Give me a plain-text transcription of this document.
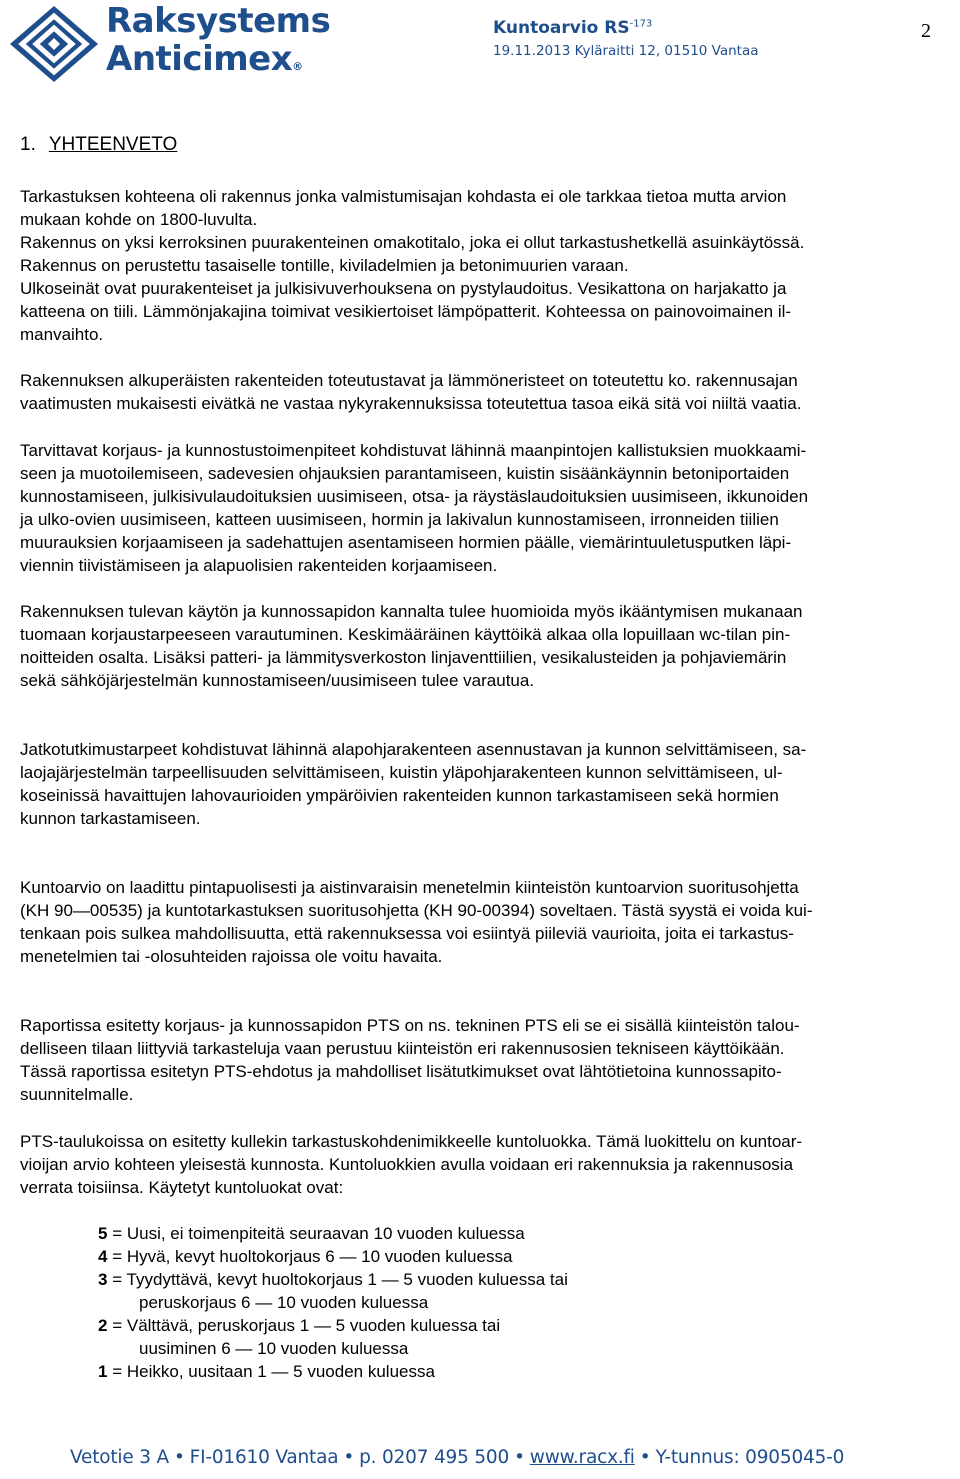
Raksystems
Anticimex®
Kuntoarvio $RS^{-173}$
19.11.2013 Kyläraitti 12, 01510 Vantaa
2
1. YHTEENVETO
Tarkastuksen kohteena oli rakennus jonka valmistumisajan kohdasta ei ole tarkkaa tietoa mutta arvion
mukaan kohde on 1800-luvulta.
Rakennus on yksi kerroksinen puurakenteinen omakotitalo, joka ei ollut tarkastushetkellä asuinkäytössä.
Rakennus on perustettu tasaiselle tontille, kiviladelmien ja betonimuurien varaan.
Ulkoseinät ovat puurakenteiset ja julkisivuverhouksena on pystylaudoitus. Vesikattona on harjakatto ja
katteena on tiili. Lämmönjakajina toimivat vesikiertoiset lämpöpatterit. Kohteessa on painovoimainen il-
manvaihto.
Rakennuksen alkuperäisten rakenteiden toteutustavat ja lämmöneristeet on toteutettu ko. rakennusajan
vaatimusten mukaisesti eivätkä ne vastaa nykyrakennuksissa toteutettua tasoa eikä sitä voi niiltä vaatia.
Tarvittavat korjaus- ja kunnostustoimenpiteet kohdistuvat lähinnä maanpintojen kallistuksien muokkaami-
seen ja muotoilemiseen, sadevesien ohjauksien parantamiseen, kuistin sisäänkäynnin betoniportaiden
kunnostamiseen, julkisivulaudoituksien uusimiseen, otsa- ja räystäslaudoituksien uusimiseen, ikkunoiden
ja ulko-ovien uusimiseen, katteen uusimiseen, hormin ja lakivalun kunnostamiseen, irronneiden tiilien
muurauksien korjaamiseen ja sadehattujen asentamiseen hormien päälle, viemärintuuletusputken läpi-
viennin tiivistämiseen ja alapuolisien rakenteiden korjaamiseen.
Rakennuksen tulevan käytön ja kunnossapidon kannalta tulee huomioida myös ikääntymisen mukanaan
tuomaan korjaustarpeeseen varautuminen. Keskimääräinen käyttöikä alkaa olla lopuillaan wc-tilan pin-
noitteiden osalta. Lisäksi patteri- ja lämmitysverkoston linjaventtiilien, vesikalusteiden ja pohjaviemärin
sekä sähköjärjestelmän kunnostamiseen/uusimiseen tulee varautua.
Jatkotutkimustarpeet kohdistuvat lähinnä alapohjarakenteen asennustavan ja kunnon selvittämiseen, sa-
laojajärjestelmän tarpeellisuuden selvittämiseen, kuistin yläpohjarakenteen kunnon selvittämiseen, ul-
koseinissä havaittujen lahovaurioiden ympäröivien rakenteiden kunnon tarkastamiseen sekä hormien
kunnon tarkastamiseen.
Kuntoarvio on laadittu pintapuolisesti ja aistinvaraisin menetelmin kiinteistön kuntoarvion suoritusohjetta
(KH 90—00535) ja kuntotarkastuksen suoritusohjetta (KH 90-00394) soveltaen. Tästä syystä ei voida kui-
tenkaan pois sulkea mahdollisuutta, että rakennuksessa voi esiintyä piileviä vaurioita, joita ei tarkastus-
menetelmien tai -olosuhteiden rajoissa ole voitu havaita.
Raportissa esitetty korjaus- ja kunnossapidon PTS on ns. tekninen PTS eli se ei sisällä kiinteistön talou-
delliseen tilaan liittyviä tarkasteluja vaan perustuu kiinteistön eri rakennusosien tekniseen käyttöikään.
Tässä raportissa esitetyn PTS-ehdotus ja mahdolliset lisätutkimukset ovat lähtötietoina kunnossapito-
suunnitelmalle.
PTS-taulukoissa on esitetty kullekin tarkastuskohdenimikkeelle kuntoluokka. Tämä luokittelu on kuntoar-
vioijan arvio kohteen yleisestä kunnosta. Kuntoluokkien avulla voidaan eri rakennuksia ja rakennusosia
verrata toisiinsa. Käytetyt kuntoluokat ovat:
5 = Uusi, ei toimenpiteitä seuraavan 10 vuoden kuluessa
4 = Hyvä, kevyt huoltokorjaus 6 — 10 vuoden kuluessa
3 = Tyydyttävä, kevyt huoltokorjaus 1 — 5 vuoden kuluessa tai
peruskorjaus 6 — 10 vuoden kuluessa
2 = Välttävä, peruskorjaus 1 — 5 vuoden kuluessa tai
uusiminen 6 — 10 vuoden kuluessa
1 = Heikko, uusitaan 1 — 5 vuoden kuluessa
Vetotie 3 A • FI-01610 Vantaa • p. 0207 495 500 • www.racx.fi • Y-tunnus: 0905045-0
